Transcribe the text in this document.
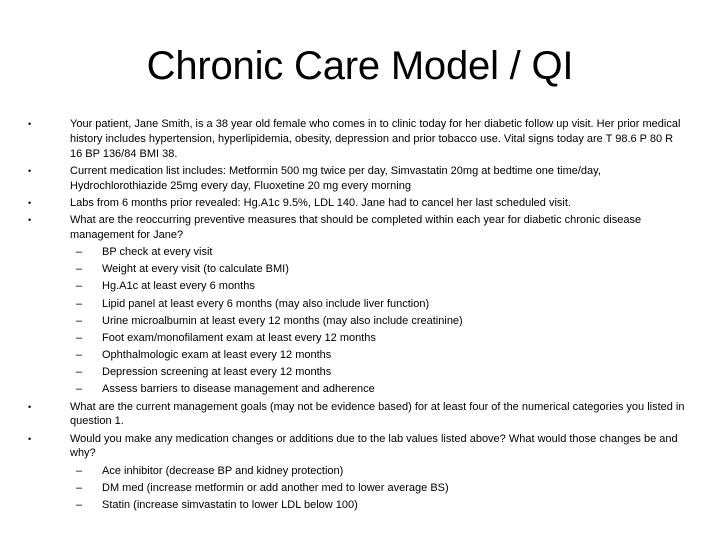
Chronic Care Model / QI
•	Your patient, Jane Smith, is a 38 year old female who comes in to clinic today for her diabetic follow up visit. Her prior medical history includes hypertension, hyperlipidemia, obesity, depression and prior tobacco use. Vital signs today are T 98.6 P 80 R 16 BP 136/84 BMI 38.
•	Current medication list includes: Metformin 500 mg twice per day, Simvastatin 20mg at bedtime one time/day, Hydrochlorothiazide 25mg every day, Fluoxetine 20 mg every morning
•	Labs from 6 months prior revealed: Hg.A1c 9.5%, LDL 140. Jane had to cancel her last scheduled visit.
•	What are the reoccurring preventive measures that should be completed within each year for diabetic chronic disease management for Jane?
–	BP check at every visit
–	Weight at every visit (to calculate BMI)
–	Hg.A1c at least every 6 months
–	Lipid panel at least every 6 months (may also include liver function)
–	Urine microalbumin at least every 12 months (may also include creatinine)
–	Foot exam/monofilament exam at least every 12 months
–	Ophthalmologic exam at least every 12 months
–	Depression screening at least every 12 months
–	Assess barriers to disease management and adherence
•	What are the current management goals (may not be evidence based) for at least four of the numerical categories you listed in question 1.
•	Would you make any medication changes or additions due to the lab values listed above? What would those changes be and why?
–	Ace inhibitor (decrease BP and kidney protection)
–	DM med (increase metformin or add another med to lower average BS)
–	Statin (increase simvastatin to lower LDL below 100)
